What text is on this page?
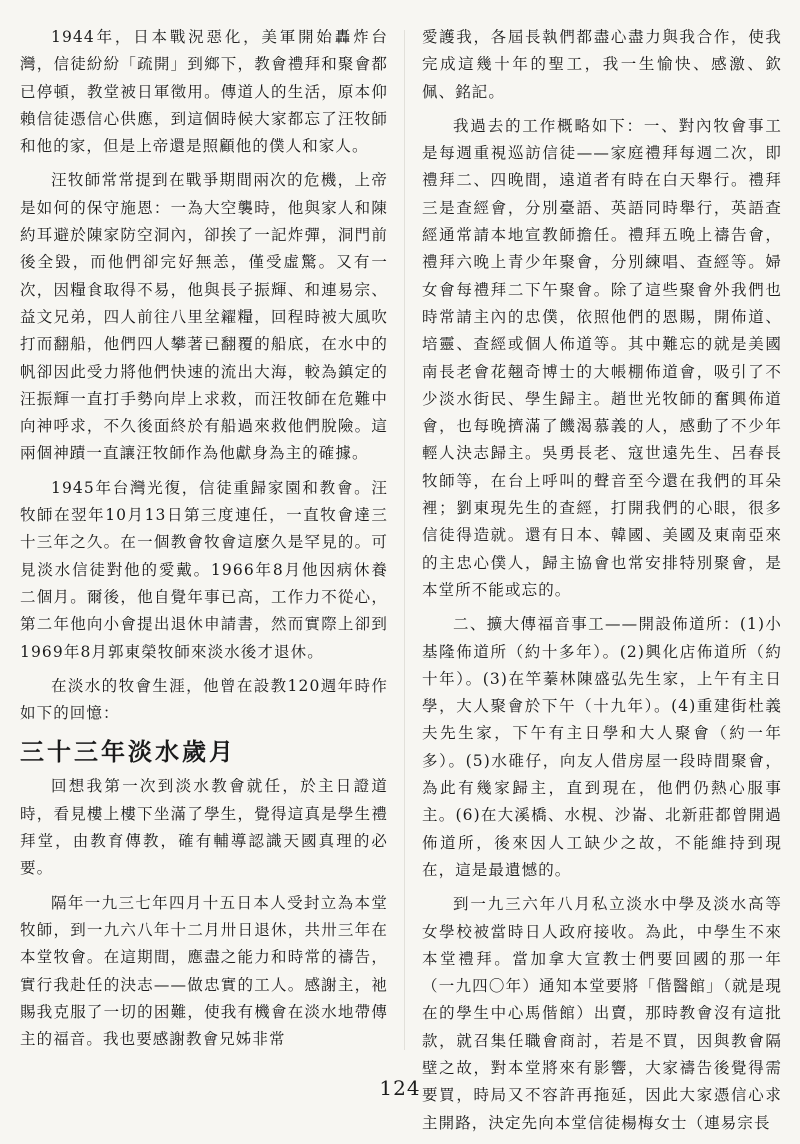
1944年，日本戰況惡化，美軍開始轟炸台灣，信徒紛紛「疏開」到鄉下，教會禮拜和聚會都已停頓，教堂被日軍徵用。傳道人的生活，原本仰賴信徒憑信心供應，到這個時候大家都忘了汪牧師和他的家，但是上帝還是照顧他的僕人和家人。

汪牧師常常提到在戰爭期間兩次的危機，上帝是如何的保守施恩：一為大空襲時，他與家人和陳約耳避於陳家防空洞內，卻挨了一記炸彈，洞門前後全毀，而他們卻完好無恙，僅受虛驚。又有一次，因糧食取得不易，他與長子振輝、和連易宗、益文兄弟，四人前往八里坌糴糧，回程時被大風吹打而翻船，他們四人攀著已翻覆的船底，在水中的帆卻因此受力將他們快速的流出大海，較為鎮定的汪振輝一直打手勢向岸上求救，而汪牧師在危難中向神呼求，不久後面終於有船過來救他們脫險。這兩個神蹟一直讓汪牧師作為他獻身為主的確據。

1945年台灣光復，信徒重歸家園和教會。汪牧師在翌年10月13日第三度連任，一直牧會達三十三年之久。在一個教會牧會這麼久是罕見的。可見淡水信徒對他的愛戴。1966年8月他因病休養二個月。爾後，他自覺年事已高，工作力不從心，第二年他向小會提出退休申請書，然而實際上卻到1969年8月郭東榮牧師來淡水後才退休。

在淡水的牧會生涯，他曾在設教120週年時作如下的回憶：

三十三年淡水歲月

回想我第一次到淡水教會就任，於主日證道時，看見樓上樓下坐滿了學生，覺得這真是學生禮拜堂，由教育傳教，確有輔導認識天國真理的必要。

隔年一九三七年四月十五日本人受封立為本堂牧師，到一九六八年十二月卅日退休，共卅三年在本堂牧會。在這期間，應盡之能力和時常的禱告，實行我赴任的決志——做忠實的工人。感謝主，祂賜我克服了一切的困難，使我有機會在淡水地帶傳主的福音。我也要感謝教會兄姊非常

愛護我，各屆長執們都盡心盡力與我合作，使我完成這幾十年的聖工，我一生愉快、感激、欽佩、銘記。

我過去的工作概略如下：一、對內牧會事工是每週重視巡訪信徒——家庭禮拜每週二次，即禮拜二、四晚間，遠道者有時在白天舉行。禮拜三是查經會，分別臺語、英語同時舉行，英語查經通常請本地宣教師擔任。禮拜五晚上禱告會，禮拜六晚上青少年聚會，分別練唱、查經等。婦女會每禮拜二下午聚會。除了這些聚會外我們也時常請主內的忠僕，依照他們的恩賜，開佈道、培靈、查經或個人佈道等。其中難忘的就是美國南長老會花翹奇博士的大帳棚佈道會，吸引了不少淡水街民、學生歸主。趙世光牧師的奮興佈道會，也每晚擠滿了饑渴慕義的人，感動了不少年輕人決志歸主。吳勇長老、寇世遠先生、呂春長牧師等，在台上呼叫的聲音至今還在我們的耳朵裡；劉東現先生的查經，打開我們的心眼，很多信徒得造就。還有日本、韓國、美國及東南亞來的主忠心僕人，歸主協會也常安排特別聚會，是本堂所不能或忘的。

二、擴大傳福音事工——開設佈道所：(1)小基隆佈道所（約十多年）。(2)興化店佈道所（約十年）。(3)在竿蓁林陳盛弘先生家，上午有主日學，大人聚會於下午（十九年）。(4)重建街杜義夫先生家，下午有主日學和大人聚會（約一年多）。(5)水碓仔，向友人借房屋一段時間聚會，為此有幾家歸主，直到現在，他們仍熱心服事主。(6)在大溪橋、水梘、沙崙、北新莊都曾開過佈道所，後來因人工缺少之故，不能維持到現在，這是最遺憾的。

到一九三六年八月私立淡水中學及淡水高等女學校被當時日人政府接收。為此，中學生不來本堂禮拜。當加拿大宣教士們要回國的那一年（一九四〇年）通知本堂要將「偕醫館」（就是現在的學生中心馬偕館）出賣，那時教會沒有這批款，就召集任職會商討，若是不買，因與教會隔壁之故，對本堂將來有影響，大家禱告後覺得需要買，時局又不容許再拖延，因此大家憑信心求主開路，決定先向本堂信徒楊梅女士（連易宗長

124
